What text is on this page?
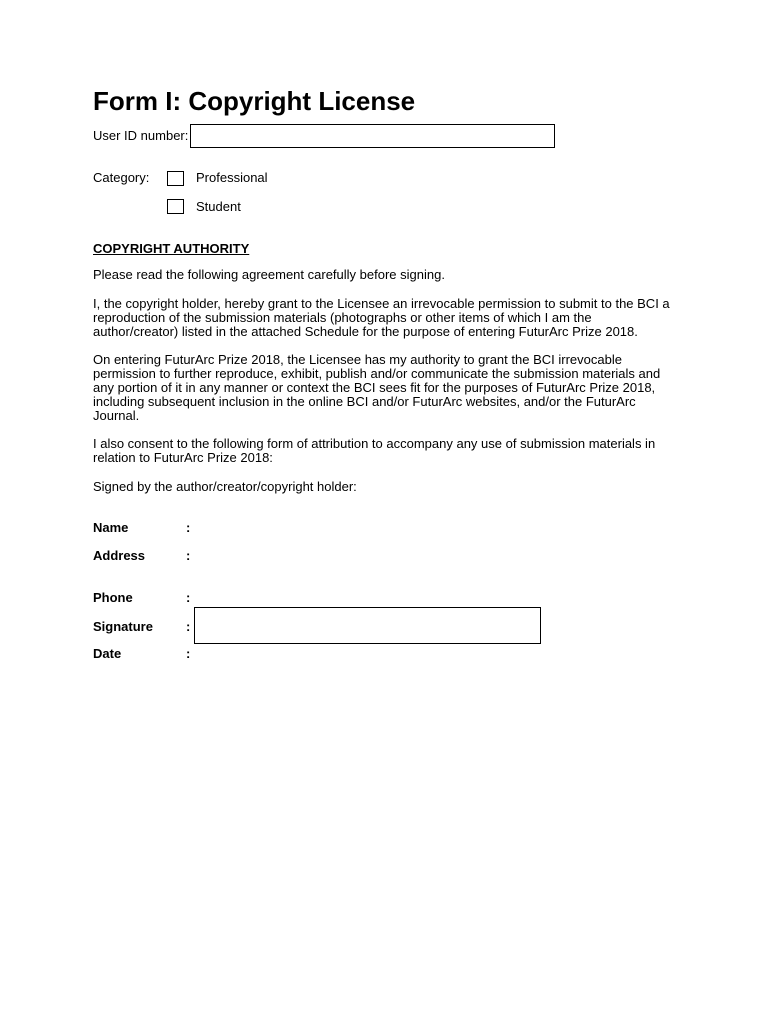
Form I: Copyright License
User ID number:
Category:	Professional
Student
COPYRIGHT AUTHORITY
Please read the following agreement carefully before signing.
I, the copyright holder, hereby grant to the Licensee an irrevocable permission to submit to the BCI a reproduction of the submission materials (photographs or other items of which I am the author/creator) listed in the attached Schedule for the purpose of entering FuturArc Prize 2018.
On entering FuturArc Prize 2018, the Licensee has my authority to grant the BCI irrevocable permission to further reproduce, exhibit, publish and/or communicate the submission materials and any portion of it in any manner or context the BCI sees fit for the purposes of FuturArc Prize 2018, including subsequent inclusion in the online BCI and/or FuturArc websites, and/or the FuturArc Journal.
I also consent to the following form of attribution to accompany any use of submission materials in relation to FuturArc Prize 2018:
Signed by the author/creator/copyright holder:
Name	:
Address	:
Phone	:
Signature	:
Date	:
